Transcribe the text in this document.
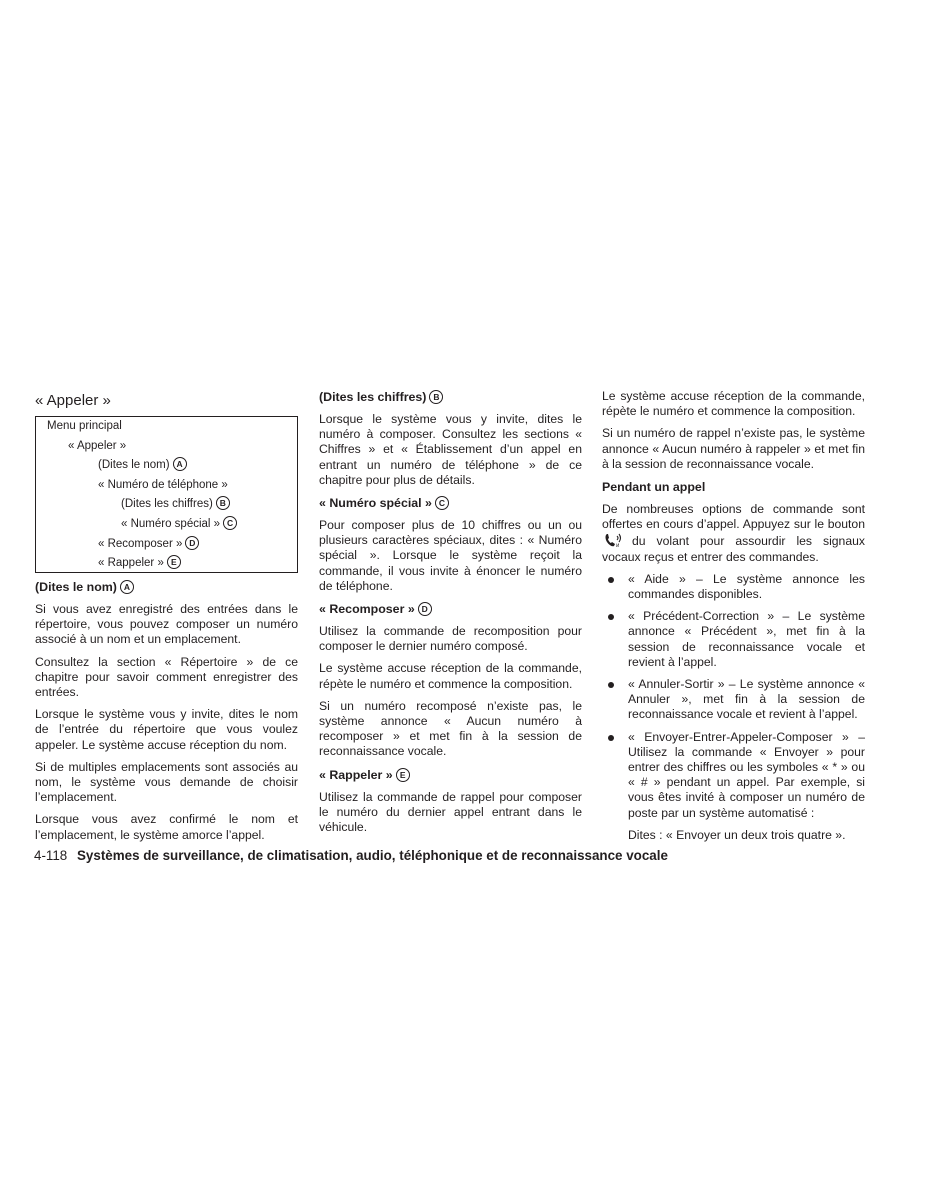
« Appeler »
Menu principal
« Appeler »
(Dites le nom) A
« Numéro de téléphone »
(Dites les chiffres) B
« Numéro spécial » C
« Recomposer » D
« Rappeler » E
(Dites le nom) A

Si vous avez enregistré des entrées dans le répertoire, vous pouvez composer un numéro associé à un nom et un emplacement.

Consultez la section « Répertoire » de ce chapitre pour savoir comment enregistrer des entrées.

Lorsque le système vous y invite, dites le nom de l’entrée du répertoire que vous voulez appeler. Le système accuse réception du nom.

Si de multiples emplacements sont associés au nom, le système vous demande de choisir l’emplacement.

Lorsque vous avez confirmé le nom et l’emplacement, le système amorce l’appel.

(Dites les chiffres) B

Lorsque le système vous y invite, dites le numéro à composer. Consultez les sections « Chiffres » et « Établissement d’un appel en entrant un numéro de téléphone » de ce chapitre pour plus de détails.

« Numéro spécial » C

Pour composer plus de 10 chiffres ou un ou plusieurs caractères spéciaux, dites : « Numéro spécial ». Lorsque le système reçoit la commande, il vous invite à énoncer le numéro de téléphone.

« Recomposer » D

Utilisez la commande de recomposition pour composer le dernier numéro composé.

Le système accuse réception de la commande, répète le numéro et commence la composition.

Si un numéro recomposé n’existe pas, le système annonce « Aucun numéro à recomposer » et met fin à la session de reconnaissance vocale.

« Rappeler » E

Utilisez la commande de rappel pour composer le numéro du dernier appel entrant dans le véhicule.

Le système accuse réception de la commande, répète le numéro et commence la composition.

Si un numéro de rappel n’existe pas, le système annonce « Aucun numéro à rappeler » et met fin à la session de reconnaissance vocale.

Pendant un appel

De nombreuses options de commande sont offertes en cours d’appel. Appuyez sur le bouton
Ͷ du volant pour assourdir les signaux vocaux reçus et entrer des commandes.

« Aide » – Le système annonce les commandes disponibles.
« Précédent-Correction » – Le système annonce « Précédent », met fin à la session de reconnaissance vocale et revient à l’appel.
« Annuler-Sortir » – Le système annonce « Annuler », met fin à la session de reconnaissance vocale et revient à l’appel.
« Envoyer-Entrer-Appeler-Composer » – Utilisez la commande « Envoyer » pour entrer des chiffres ou les symboles « * » ou « # » pendant un appel. Par exemple, si vous êtes invité à composer un numéro de poste par un système automatisé :

Dites : « Envoyer un deux trois quatre ».

4-118 Systèmes de surveillance, de climatisation, audio, téléphonique et de reconnaissance vocale
